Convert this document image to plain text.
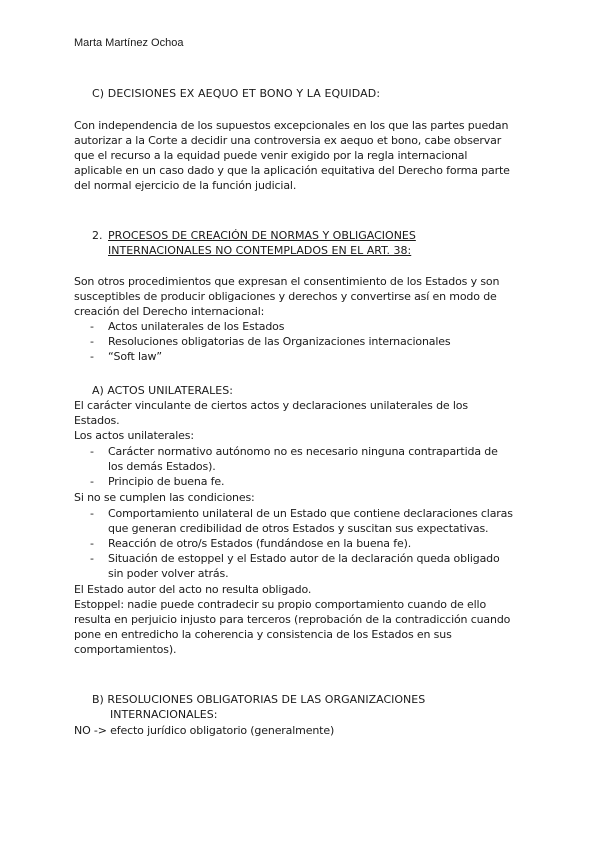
Marta Martínez Ochoa
C) DECISIONES EX AEQUO ET BONO Y LA EQUIDAD:
Con independencia de los supuestos excepcionales en los que las partes puedan
autorizar a la Corte a decidir una controversia ex aequo et bono, cabe observar
que el recurso a la equidad puede venir exigido por la regla internacional
aplicable en un caso dado y que la aplicación equitativa del Derecho forma parte
del normal ejercicio de la función judicial.
2. PROCESOS DE CREACIÓN DE NORMAS Y OBLIGACIONES
INTERNACIONALES NO CONTEMPLADOS EN EL ART. 38:
Son otros procedimientos que expresan el consentimiento de los Estados y son
susceptibles de producir obligaciones y derechos y convertirse así en modo de
creación del Derecho internacional:
- Actos unilaterales de los Estados
- Resoluciones obligatorias de las Organizaciones internacionales
- “Soft law”
A) ACTOS UNILATERALES:
El carácter vinculante de ciertos actos y declaraciones unilaterales de los
Estados.
Los actos unilaterales:
- Carácter normativo autónomo no es necesario ninguna contrapartida de
los demás Estados).
- Principio de buena fe.
Si no se cumplen las condiciones:
- Comportamiento unilateral de un Estado que contiene declaraciones claras
que generan credibilidad de otros Estados y suscitan sus expectativas.
- Reacción de otro/s Estados (fundándose en la buena fe).
- Situación de estoppel y el Estado autor de la declaración queda obligado
sin poder volver atrás.
El Estado autor del acto no resulta obligado.
Estoppel: nadie puede contradecir su propio comportamiento cuando de ello
resulta en perjuicio injusto para terceros (reprobación de la contradicción cuando
pone en entredicho la coherencia y consistencia de los Estados en sus
comportamientos).
B) RESOLUCIONES OBLIGATORIAS DE LAS ORGANIZACIONES
INTERNACIONALES:
NO -> efecto jurídico obligatorio (generalmente)
